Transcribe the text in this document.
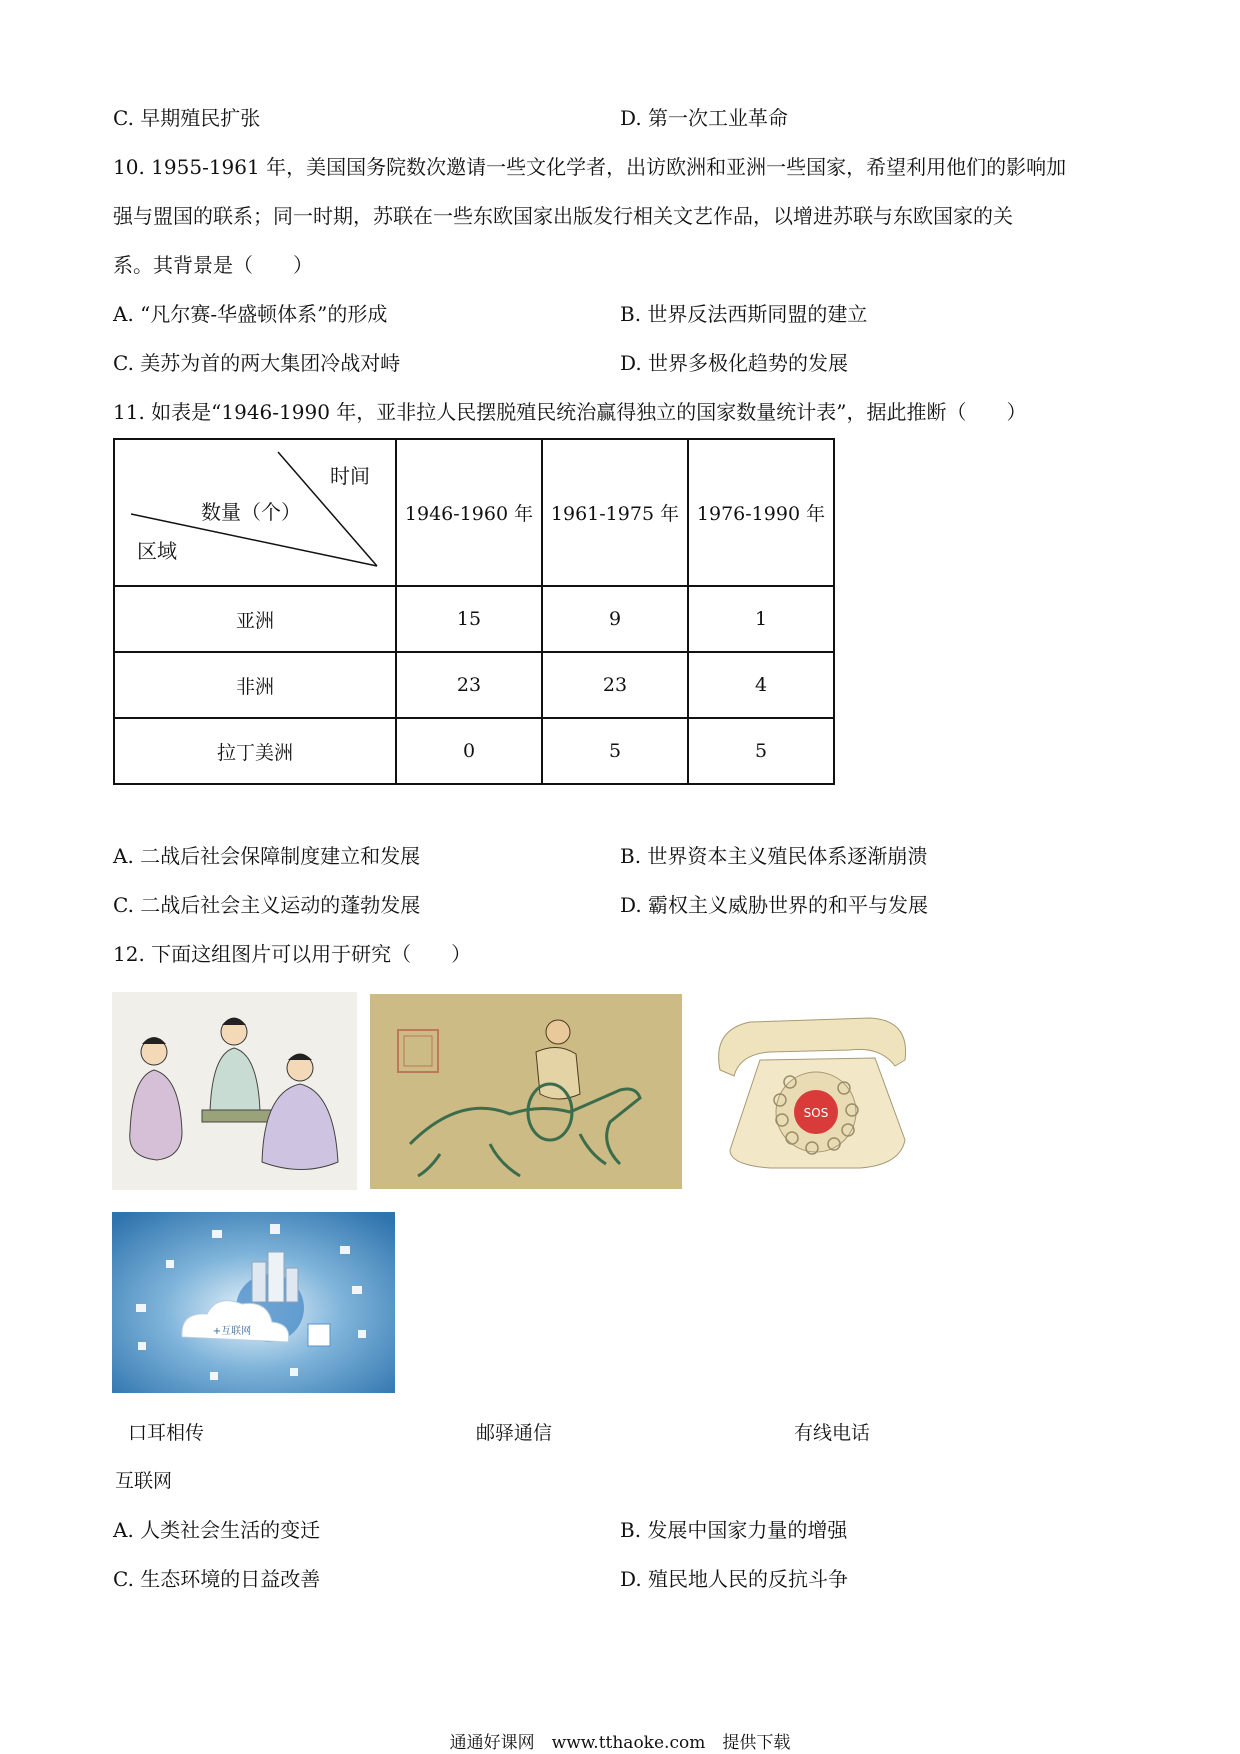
C. 早期殖民扩张	D. 第一次工业革命
10. 1955-1961 年，美国国务院数次邀请一些文化学者，出访欧洲和亚洲一些国家，希望利用他们的影响加
强与盟国的联系；同一时期，苏联在一些东欧国家出版发行相关文艺作品，以增进苏联与东欧国家的关
系。其背景是（　　）
A. “凡尔赛-华盛顿体系”的形成	B. 世界反法西斯同盟的建立
C. 美苏为首的两大集团冷战对峙	D. 世界多极化趋势的发展
11. 如表是“1946-1990 年，亚非拉人民摆脱殖民统治赢得独立的国家数量统计表”，据此推断（　　）
时间
数量（个）
区域	1946-1960 年	1961-1975 年	1976-1990 年
亚洲	15	9	1
非洲	23	23	4
拉丁美洲	0	5	5
A. 二战后社会保障制度建立和发展	B. 世界资本主义殖民体系逐渐崩溃
C. 二战后社会主义运动的蓬勃发展	D. 霸权主义威胁世界的和平与发展
12. 下面这组图片可以用于研究（　　）
SOS
+互联网
口耳相传	邮驿通信	有线电话
互联网
A. 人类社会生活的变迁	B. 发展中国家力量的增强
C. 生态环境的日益改善	D. 殖民地人民的反抗斗争
通通好课网　www.tthaoke.com　提供下载
